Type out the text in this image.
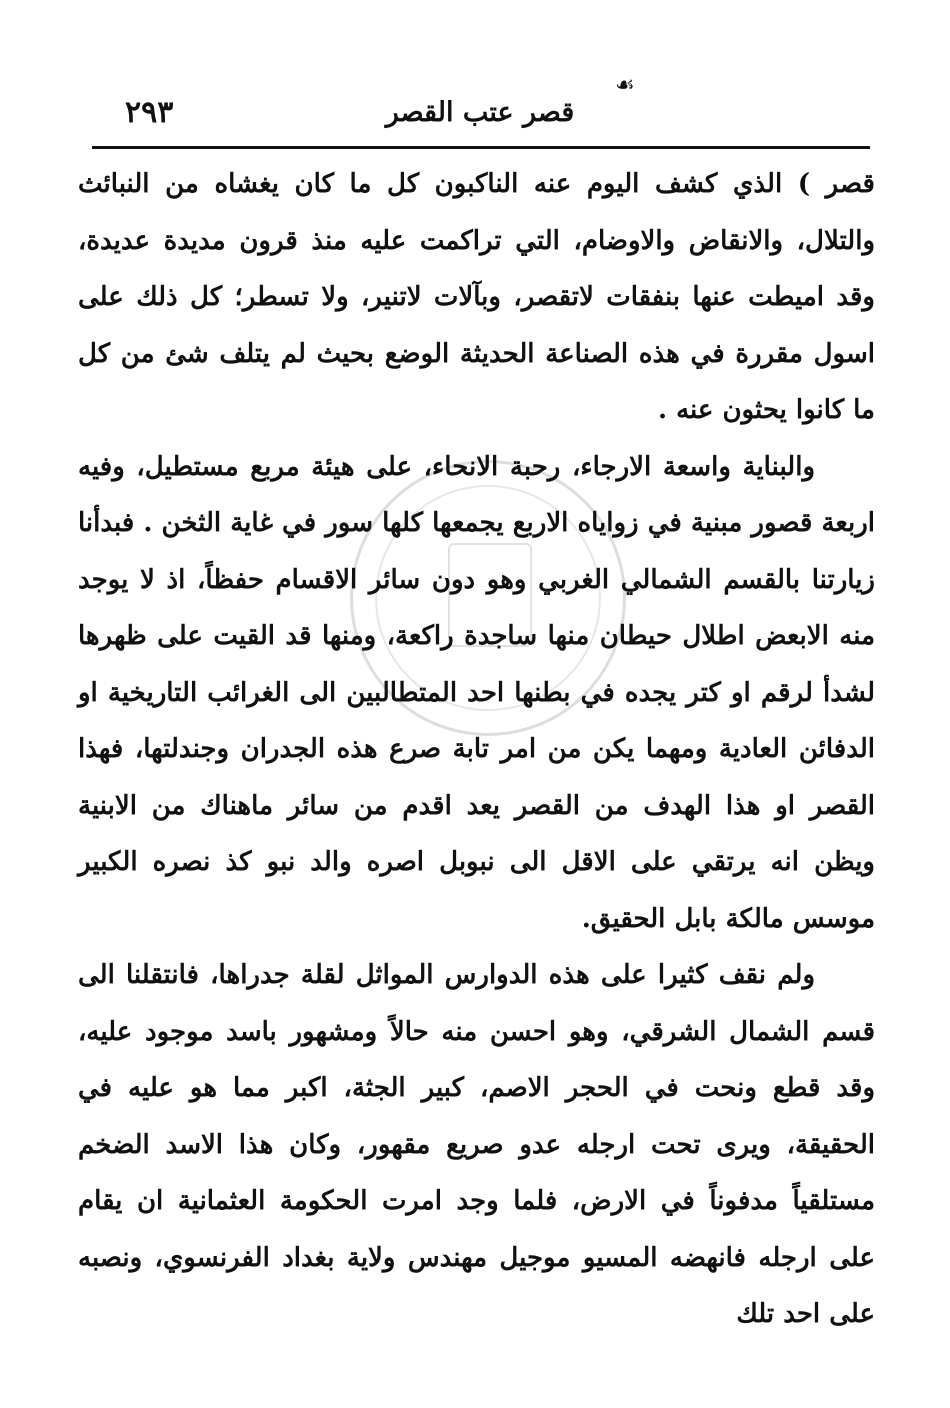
٢٩٣	قصر عتب القصر
☙

قصر ) الذي كشف اليوم عنه الناكبون كل ما كان يغشاه من النبائث والتلال، والانقاض والاوضام، التي تراكمت عليه منذ قرون مديدة عديدة، وقد اميطت عنها بنفقات لاتقصر، وبآلات لاتنير، ولا تسطر؛ كل ذلك على اسول مقررة في هذه الصناعة الحديثة الوضع بحيث لم يتلف شئ من كل ما كانوا يحثون عنه .

والبناية واسعة الارجاء، رحبة الانحاء، على هيئة مربع مستطيل، وفيه اربعة قصور مبنية في زواياه الاربع يجمعها كلها سور في غاية الثخن . فبدأنا زيارتنا بالقسم الشمالي الغربي وهو دون سائر الاقسام حفظاً، اذ لا يوجد منه الابعض اطلال حيطان منها ساجدة راكعة، ومنها قد القيت على ظهرها لشدأ لرقم او كتر يجده في بطنها احد المتطالبين الى الغرائب التاريخية او الدفائن العادية ومهما يكن من امر تابة صرع هذه الجدران وجندلتها، فهذا القصر او هذا الهدف من القصر يعد اقدم من سائر ماهناك من الابنية ويظن انه يرتقي على الاقل الى نبوبل اصره والد نبو كذ نصره الكبير موسس مالكة بابل الحقيق.

ولم نقف كثيرا على هذه الدوارس المواثل لقلة جدراها، فانتقلنا الى قسم الشمال الشرقي، وهو احسن منه حالاً ومشهور باسد موجود عليه، وقد قطع ونحت في الحجر الاصم، كبير الجثة، اكبر مما هو عليه في الحقيقة، ويرى تحت ارجله عدو صريع مقهور، وكان هذا الاسد الضخم مستلقياً مدفوناً في الارض، فلما وجد امرت الحكومة العثمانية ان يقام على ارجله فانهضه المسيو موجيل مهندس ولاية بغداد الفرنسوي، ونصبه على احد تلك
